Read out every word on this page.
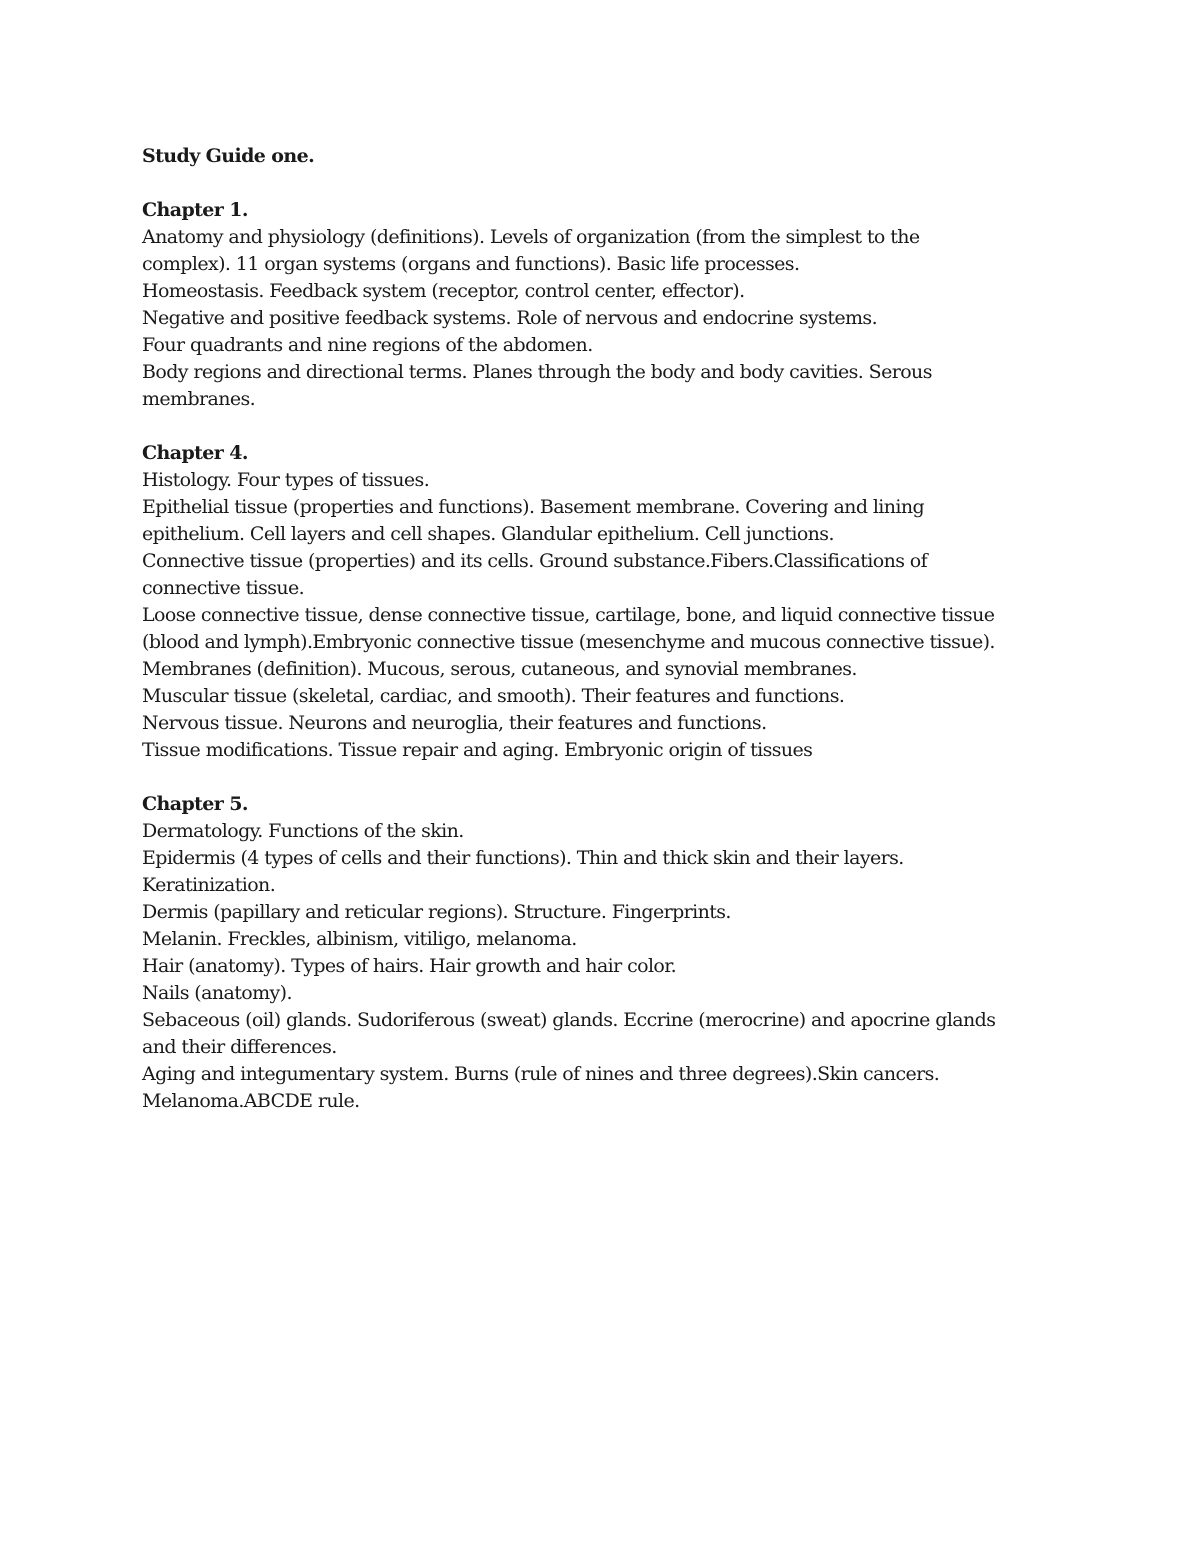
Study Guide one.

Chapter 1.

Anatomy and physiology (definitions). Levels of organization (from the simplest to the

complex). 11 organ systems (organs and functions). Basic life processes.

Homeostasis. Feedback system (receptor, control center, effector).

Negative and positive feedback systems. Role of nervous and endocrine systems.

Four quadrants and nine regions of the abdomen.

Body regions and directional terms. Planes through the body and body cavities. Serous

membranes.

Chapter 4.

Histology. Four types of tissues.

Epithelial tissue (properties and functions). Basement membrane. Covering and lining

epithelium. Cell layers and cell shapes. Glandular epithelium. Cell junctions.

Connective tissue (properties) and its cells. Ground substance.Fibers.Classifications of

connective tissue.

Loose connective tissue, dense connective tissue, cartilage, bone, and liquid connective tissue

(blood and lymph).Embryonic connective tissue (mesenchyme and mucous connective tissue).

Membranes (definition). Mucous, serous, cutaneous, and synovial membranes.

Muscular tissue (skeletal, cardiac, and smooth). Their features and functions.

Nervous tissue. Neurons and neuroglia, their features and functions.

Tissue modifications. Tissue repair and aging. Embryonic origin of tissues

Chapter 5.

Dermatology. Functions of the skin.

Epidermis (4 types of cells and their functions). Thin and thick skin and their layers.

Keratinization.

Dermis (papillary and reticular regions). Structure. Fingerprints.

Melanin. Freckles, albinism, vitiligo, melanoma.

Hair (anatomy). Types of hairs. Hair growth and hair color.

Nails (anatomy).

Sebaceous (oil) glands. Sudoriferous (sweat) glands. Eccrine (merocrine) and apocrine glands

and their differences.

Aging and integumentary system. Burns (rule of nines and three degrees).Skin cancers.

Melanoma.ABCDE rule.
